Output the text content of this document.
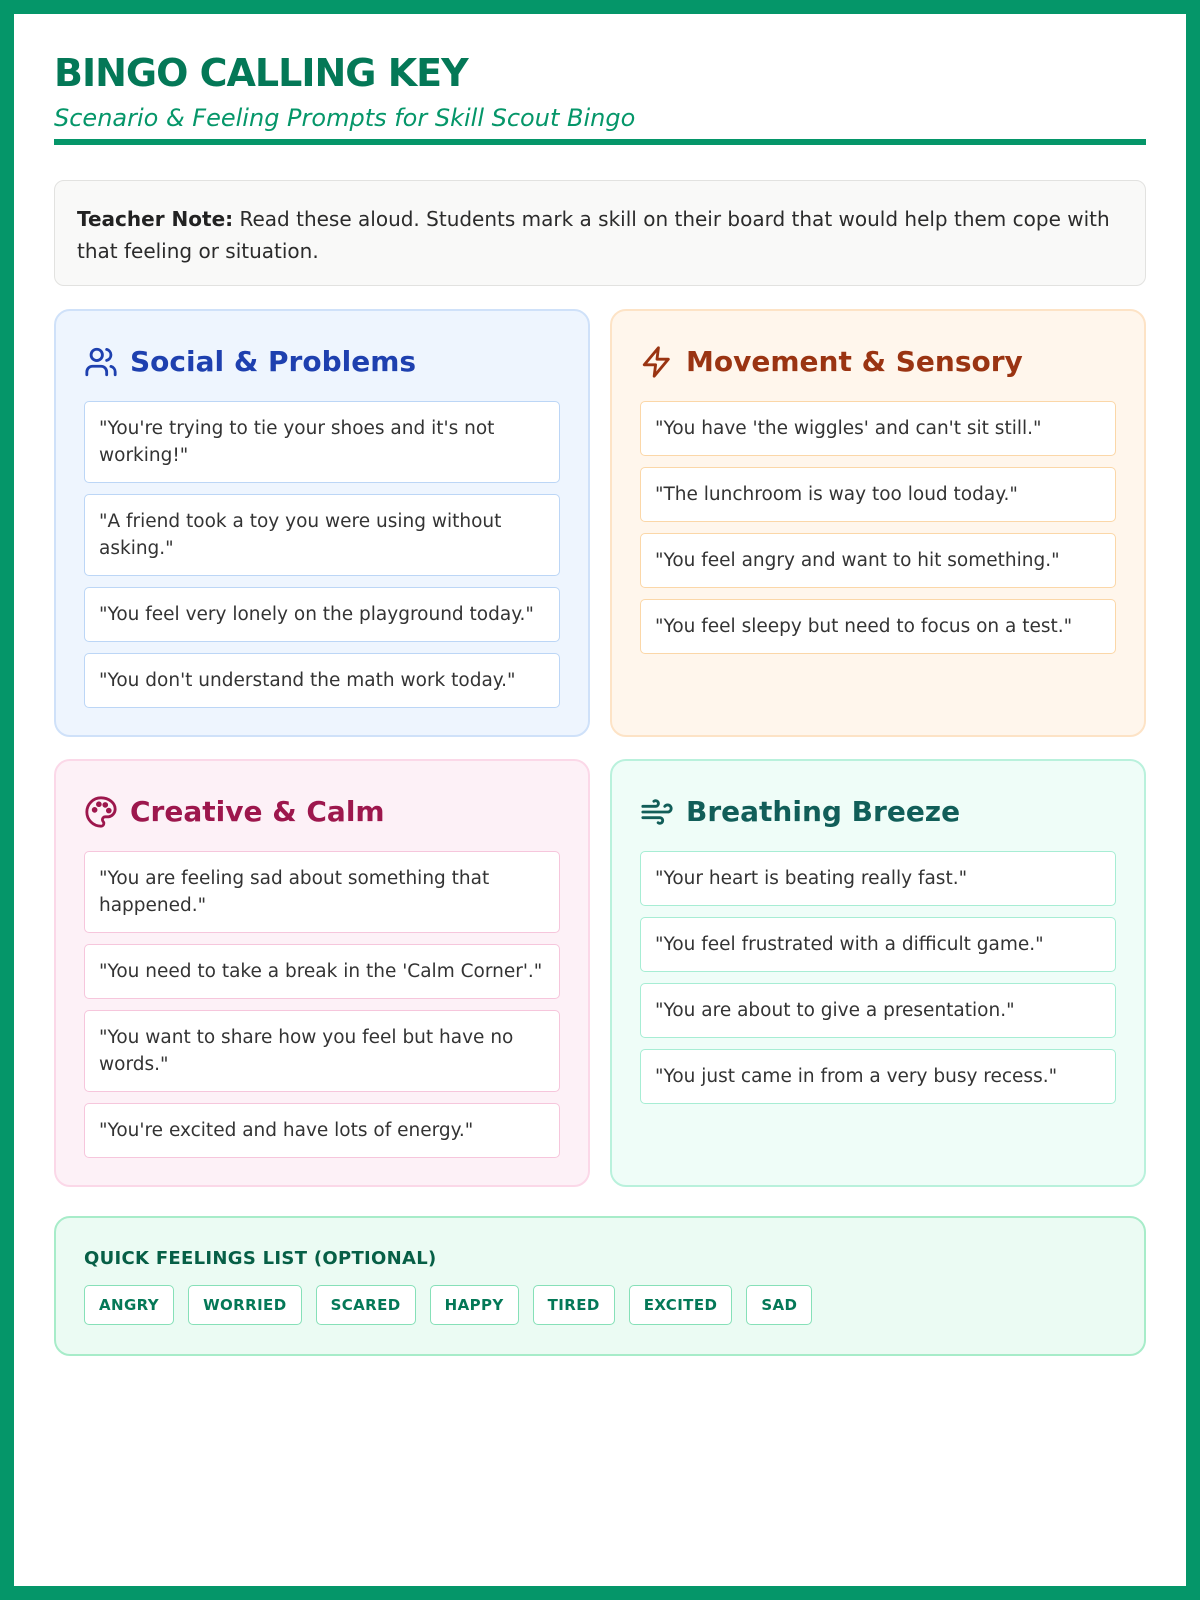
BINGO CALLING KEY
Scenario & Feeling Prompts for Skill Scout Bingo
Teacher Note: Read these aloud. Students mark a skill on their board that would help them cope with that feeling or situation.
Social & Problems
"You're trying to tie your shoes and it's not working!"
"A friend took a toy you were using without asking."
"You feel very lonely on the playground today."
"You don't understand the math work today."
Movement & Sensory
"You have 'the wiggles' and can't sit still."
"The lunchroom is way too loud today."
"You feel angry and want to hit something."
"You feel sleepy but need to focus on a test."
Creative & Calm
"You are feeling sad about something that happened."
"You need to take a break in the 'Calm Corner'."
"You want to share how you feel but have no words."
"You're excited and have lots of energy."
Breathing Breeze
"Your heart is beating really fast."
"You feel frustrated with a difficult game."
"You are about to give a presentation."
"You just came in from a very busy recess."
QUICK FEELINGS LIST (OPTIONAL)
ANGRY	WORRIED	SCARED	HAPPY	TIRED	EXCITED	SAD
